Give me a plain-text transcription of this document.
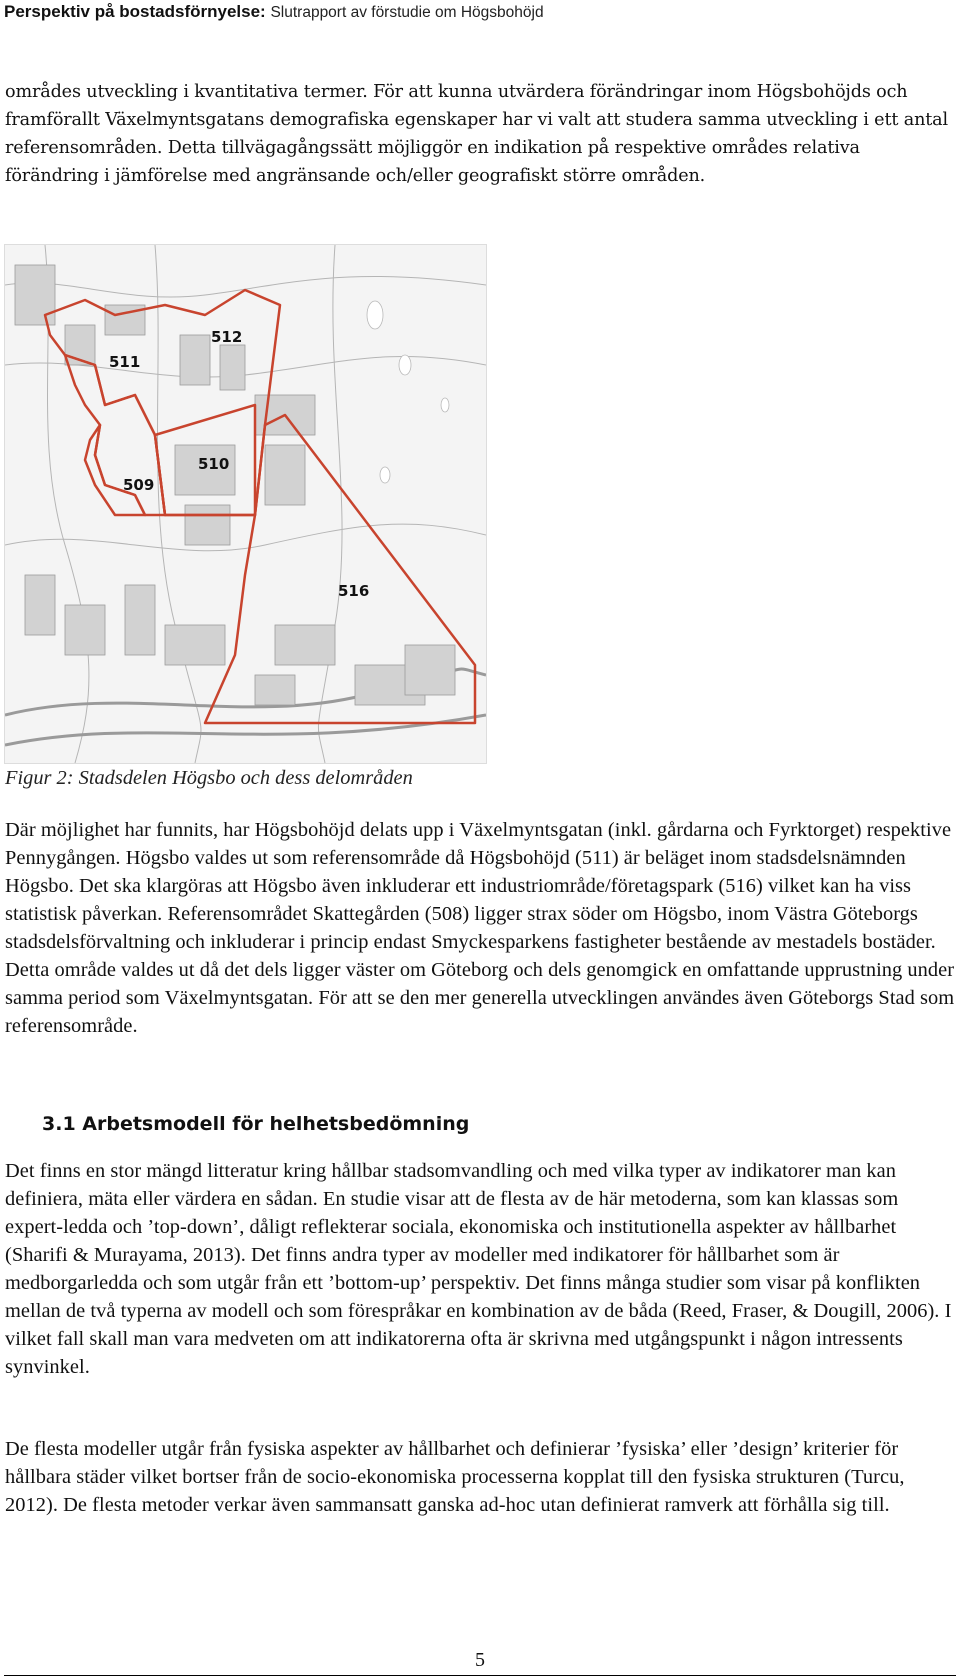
Perspektiv på bostadsförnyelse: Slutrapport av förstudie om Högsbohöjd

områdes utveckling i kvantitativa termer. För att kunna utvärdera förändringar inom Högsbohöjds och framförallt Växelmyntsgatans demografiska egenskaper har vi valt att studera samma utveckling i ett antal referensområden. Detta tillvägagångssätt möjliggör en indikation på respektive områdes relativa förändring i jämförelse med angränsande och/eller geografiskt större områden.

511
512
509
510
516

Figur 2: Stadsdelen Högsbo och dess delområden

Där möjlighet har funnits, har Högsbohöjd delats upp i Växelmyntsgatan (inkl. gårdarna och Fyrktorget) respektive Pennygången. Högsbo valdes ut som referensområde då Högsbohöjd (511) är beläget inom stadsdelsnämnden Högsbo. Det ska klargöras att Högsbo även inkluderar ett industriområde/företagspark (516) vilket kan ha viss statistisk påverkan. Referensområdet Skattegården (508) ligger strax söder om Högsbo, inom Västra Göteborgs stadsdelsförvaltning och inkluderar i princip endast Smyckesparkens fastigheter bestående av mestadels bostäder. Detta område valdes ut då det dels ligger väster om Göteborg och dels genomgick en omfattande upprustning under samma period som Växelmyntsgatan. För att se den mer generella utvecklingen användes även Göteborgs Stad som referensområde.

3.1 Arbetsmodell för helhetsbedömning

Det finns en stor mängd litteratur kring hållbar stadsomvandling och med vilka typer av indikatorer man kan definiera, mäta eller värdera en sådan. En studie visar att de flesta av de här metoderna, som kan klassas som expert-ledda och ’top-down’, dåligt reflekterar sociala, ekonomiska och institutionella aspekter av hållbarhet (Sharifi & Murayama, 2013). Det finns andra typer av modeller med indikatorer för hållbarhet som är medborgarledda och som utgår från ett ’bottom-up’ perspektiv. Det finns många studier som visar på konflikten mellan de två typerna av modell och som förespråkar en kombination av de båda (Reed, Fraser, & Dougill, 2006). I vilket fall skall man vara medveten om att indikatorerna ofta är skrivna med utgångspunkt i någon intressents synvinkel.

De flesta modeller utgår från fysiska aspekter av hållbarhet och definierar ’fysiska’ eller ’design’ kriterier för hållbara städer vilket bortser från de socio-ekonomiska processerna kopplat till den fysiska strukturen (Turcu, 2012). De flesta metoder verkar även sammansatt ganska ad-hoc utan definierat ramverk att förhålla sig till.

5
